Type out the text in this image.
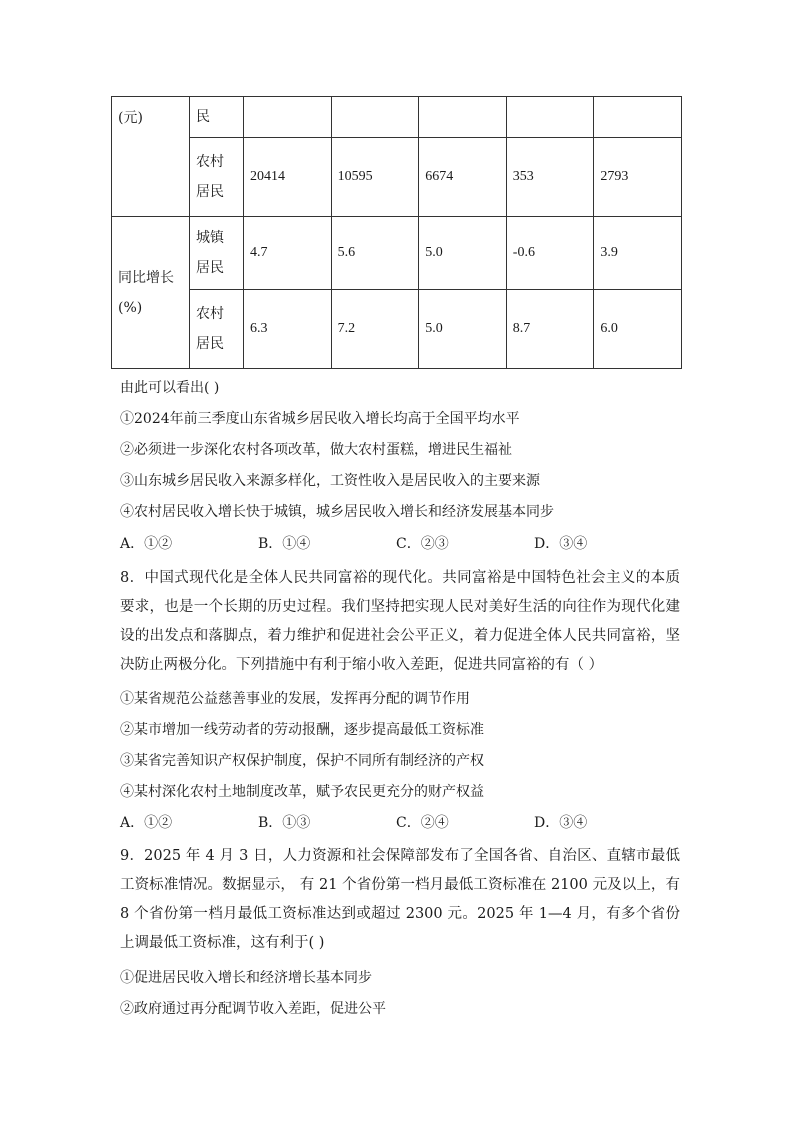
(元)	民					
	农村居民	20414	10595	6674	353	2793
同比增长(%)	城镇居民	4.7	5.6	5.0	-0.6	3.9
	农村居民	6.3	7.2	5.0	8.7	6.0
由此可以看出( )
①2024年前三季度山东省城乡居民收入增长均高于全国平均水平
②必须进一步深化农村各项改革，做大农村蛋糕，增进民生福祉
③山东城乡居民收入来源多样化，工资性收入是居民收入的主要来源
④农村居民收入增长快于城镇，城乡居民收入增长和经济发展基本同步
A．①②	B．①④	C．②③	D．③④
8．中国式现代化是全体人民共同富裕的现代化。共同富裕是中国特色社会主义的本质要求，也是一个长期的历史过程。我们坚持把实现人民对美好生活的向往作为现代化建设的出发点和落脚点，着力维护和促进社会公平正义，着力促进全体人民共同富裕，坚决防止两极分化。下列措施中有利于缩小收入差距，促进共同富裕的有（ ）
①某省规范公益慈善事业的发展，发挥再分配的调节作用
②某市增加一线劳动者的劳动报酬，逐步提高最低工资标准
③某省完善知识产权保护制度，保护不同所有制经济的产权
④某村深化农村土地制度改革，赋予农民更充分的财产权益
A．①②	B．①③	C．②④	D．③④
9．2025 年 4 月 3 日，人力资源和社会保障部发布了全国各省、自治区、直辖市最低工资标准情况。数据显示， 有 21 个省份第一档月最低工资标准在 2100 元及以上，有 8 个省份第一档月最低工资标准达到或超过 2300 元。2025 年 1—4 月，有多个省份上调最低工资标准，这有利于( )
①促进居民收入增长和经济增长基本同步
②政府通过再分配调节收入差距，促进公平
